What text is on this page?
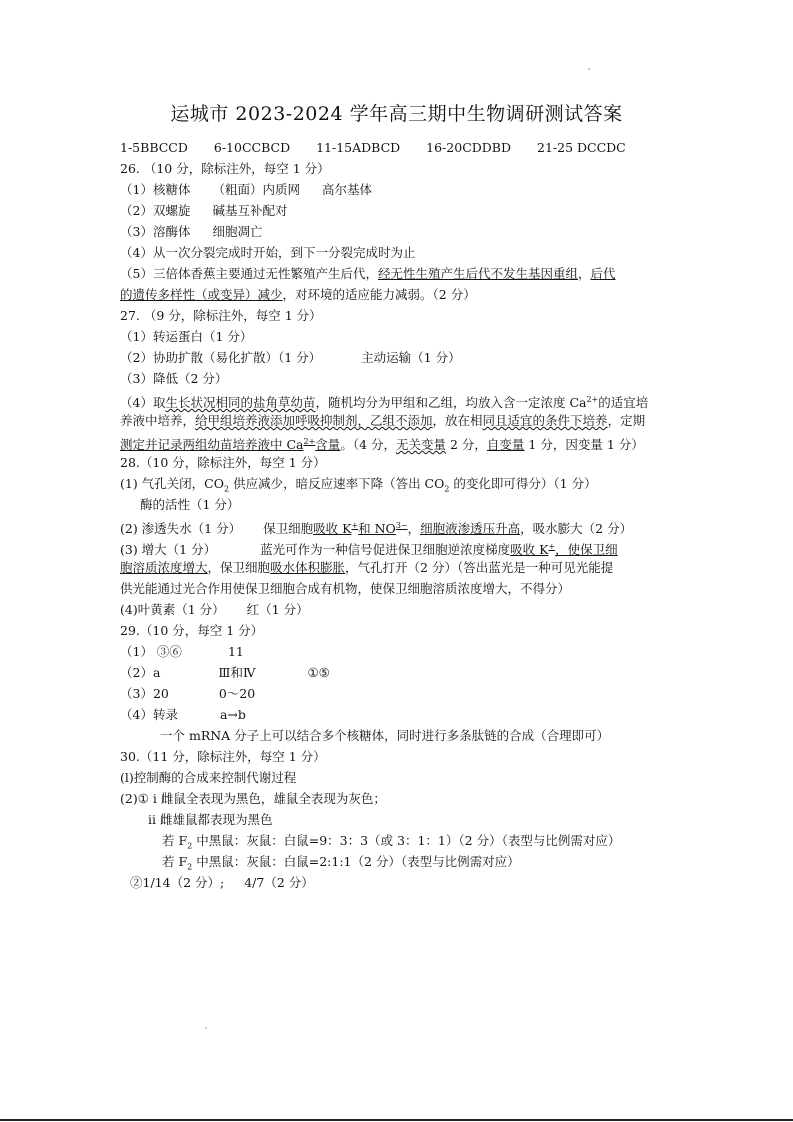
运城市 2023-2024 学年高三期中生物调研测试答案
1-5BBCCD 6-10CCBCD 11-15ADBCD 16-20CDDBD 21-25 DCCDC
26. （10 分，除标注外，每空 1 分）
（1）核糖体 （粗面）内质网 高尔基体
（2）双螺旋 碱基互补配对
（3）溶酶体 细胞凋亡
（4）从一次分裂完成时开始，到下一分裂完成时为止
（5）三倍体香蕉主要通过无性繁殖产生后代，经无性生殖产生后代不发生基因重组，后代
的遗传多样性（或变异）减少，对环境的适应能力减弱。（2 分）
27. （9 分，除标注外，每空 1 分）
（1）转运蛋白（1 分）
（2）协助扩散（易化扩散）（1 分）	主动运输（1 分）
（3）降低（2 分）
（4）取生长状况相同的盐角草幼苗，随机均分为甲组和乙组，均放入含一定浓度 $Ca^{2+}$的适宜培
养液中培养，给甲组培养液添加呼吸抑制剂，乙组不添加，放在相同且适宜的条件下培养，定期
测定并记录两组幼苗培养液中 $Ca^{2+}$含量。（4 分，无关变量 2 分，自变量 1 分，因变量 1 分）
28.（10 分，除标注外，每空 1 分）
(1) 气孔关闭，$CO_2$ 供应减少，暗反应速率下降（答出 $CO_2$ 的变化即可得分）（1 分）
酶的活性（1 分）
(2) 渗透失水（1 分） 保卫细胞吸收 K+和 $NO^{3-}$，细胞液渗透压升高，吸水膨大（2 分）
(3) 增大（1 分）	蓝光可作为一种信号促进保卫细胞逆浓度梯度吸收 K+，使保卫细
胞溶质浓度增大，保卫细胞吸水体积膨胀，气孔打开（2 分）（答出蓝光是一种可见光能提
供光能通过光合作用使保卫细胞合成有机物，使保卫细胞溶质浓度增大，不得分）
(4)叶黄素（1 分） 红（1 分）
29.（10 分，每空 1 分）
（1） ③⑥	11
（2）a	Ⅲ和Ⅳ	①⑤
（3）20	0～20
（4）转录	a→b
一个 mRNA 分子上可以结合多个核糖体，同时进行多条肽链的合成（合理即可）
30.（11 分，除标注外，每空 1 分）
(l)控制酶的合成来控制代谢过程
(2)① i 雌鼠全表现为黑色，雄鼠全表现为灰色；
ii 雌雄鼠都表现为黑色
若 $F_2$ 中黑鼠：灰鼠：白鼠=9：3：3（或 3：1：1）（2 分）（表型与比例需对应）
若 $F_2$ 中黑鼠：灰鼠：白鼠=2:1:1（2 分）（表型与比例需对应）
②1/14（2 分）; 4/7（2 分）
